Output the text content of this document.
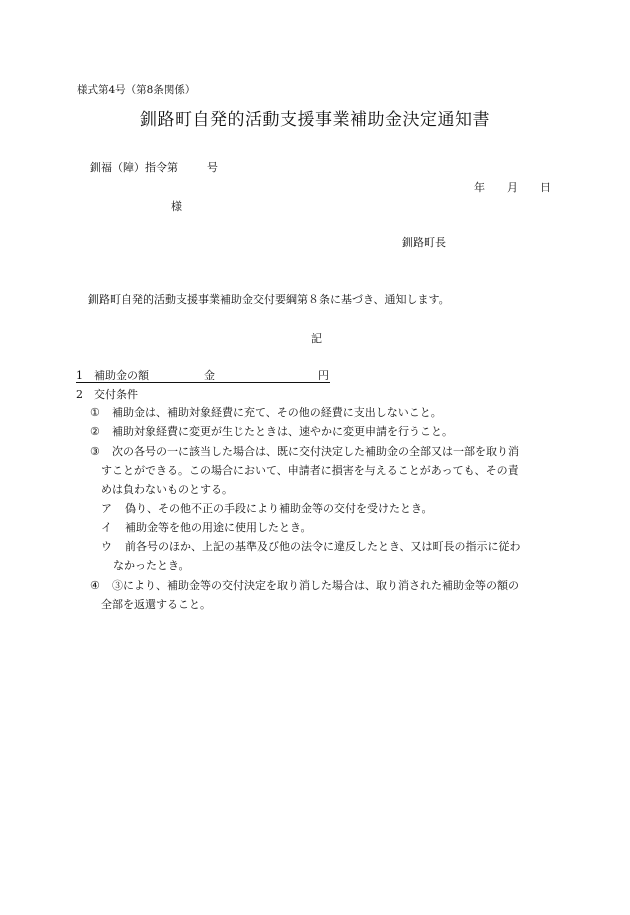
様式第4号（第8条関係）
釧路町自発的活動支援事業補助金決定通知書
釧福（障）指令第	号
年 月 日
様
釧路町長
釧路町自発的活動支援事業補助金交付要綱第８条に基づき、通知します。
記
1 補助金の額	金	円
2 交付条件
① 補助金は、補助対象経費に充て、その他の経費に支出しないこと。
② 補助対象経費に変更が生じたときは、速やかに変更申請を行うこと。
③ 次の各号の一に該当した場合は、既に交付決定した補助金の全部又は一部を取り消
すことができる。この場合において、申請者に損害を与えることがあっても、その責
めは負わないものとする。
ア 偽り、その他不正の手段により補助金等の交付を受けたとき。
イ 補助金等を他の用途に使用したとき。
ウ 前各号のほか、上記の基準及び他の法令に違反したとき、又は町長の指示に従わ
なかったとき。
④ ③により、補助金等の交付決定を取り消した場合は、取り消された補助金等の額の
全部を返還すること。
